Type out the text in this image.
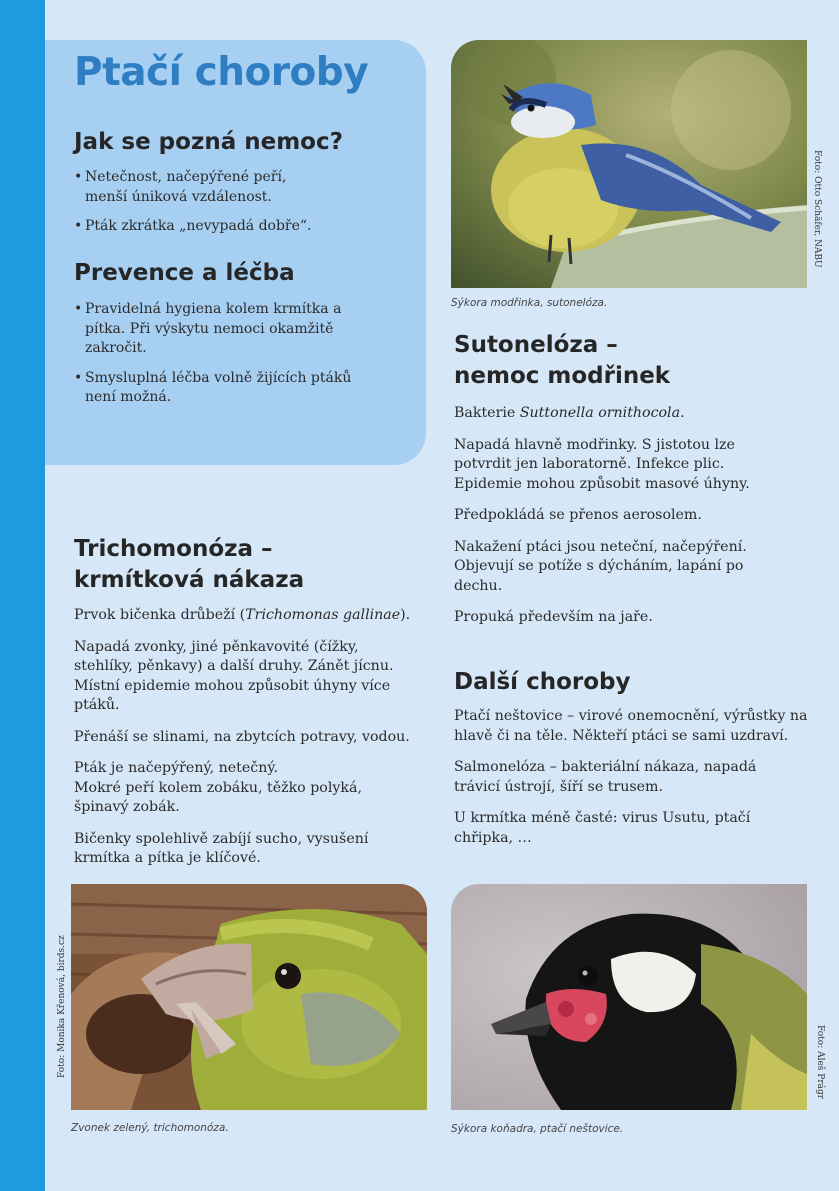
Ptačí choroby
Jak se pozná nemoc?
• Netečnost, načepýřené peří, menší úniková vzdálenost.
• Pták zkrátka „nevypadá dobře“.
Prevence a léčba
• Pravidelná hygiena kolem krmítka a pítka. Při výskytu nemoci okamžitě zakročit.
• Smysluplná léčba volně žijících ptáků není možná.
Foto: Otto Schäfer, NABU

Sýkora modřinka, sutonelóza.

Sutonelóza –
nemoc modřinek

Bakterie Suttonella ornithocola.

Napadá hlavně modřinky. S jistotou lze potvrdit jen laboratorně. Infekce plic. Epidemie mohou způsobit masové úhyny.

Předpokládá se přenos aerosolem.

Nakažení ptáci jsou neteční, načepýření. Objevují se potíže s dýcháním, lapání po dechu.

Propuká především na jaře.

Trichomonóza –
krmítková nákaza

Prvok bičenka drůbeží (Trichomonas gallinae).

Napadá zvonky, jiné pěnkavovité (čížky, stehlíky, pěnkavy) a další druhy. Zánět jícnu. Místní epidemie mohou způsobit úhyny více ptáků.

Přenáší se slinami, na zbytcích potravy, vodou.

Pták je načepýřený, netečný.
Mokré peří kolem zobáku, těžko polyká, špinavý zobák.

Bičenky spolehlivě zabíjí sucho, vysušení krmítka a pítka je klíčové.

Další choroby

Ptačí neštovice – virové onemocnění, výrůstky na hlavě či na těle. Někteří ptáci se sami uzdraví.

Salmonelóza – bakteriální nákaza, napadá trávicí ústrojí, šíří se trusem.

U krmítka méně časté: virus Usutu, ptačí chřipka, …

Foto: Monika Křenová, birds.cz

Zvonek zelený, trichomonóza.

Foto: Aleš Prágr

Sýkora koňadra, ptačí neštovice.
